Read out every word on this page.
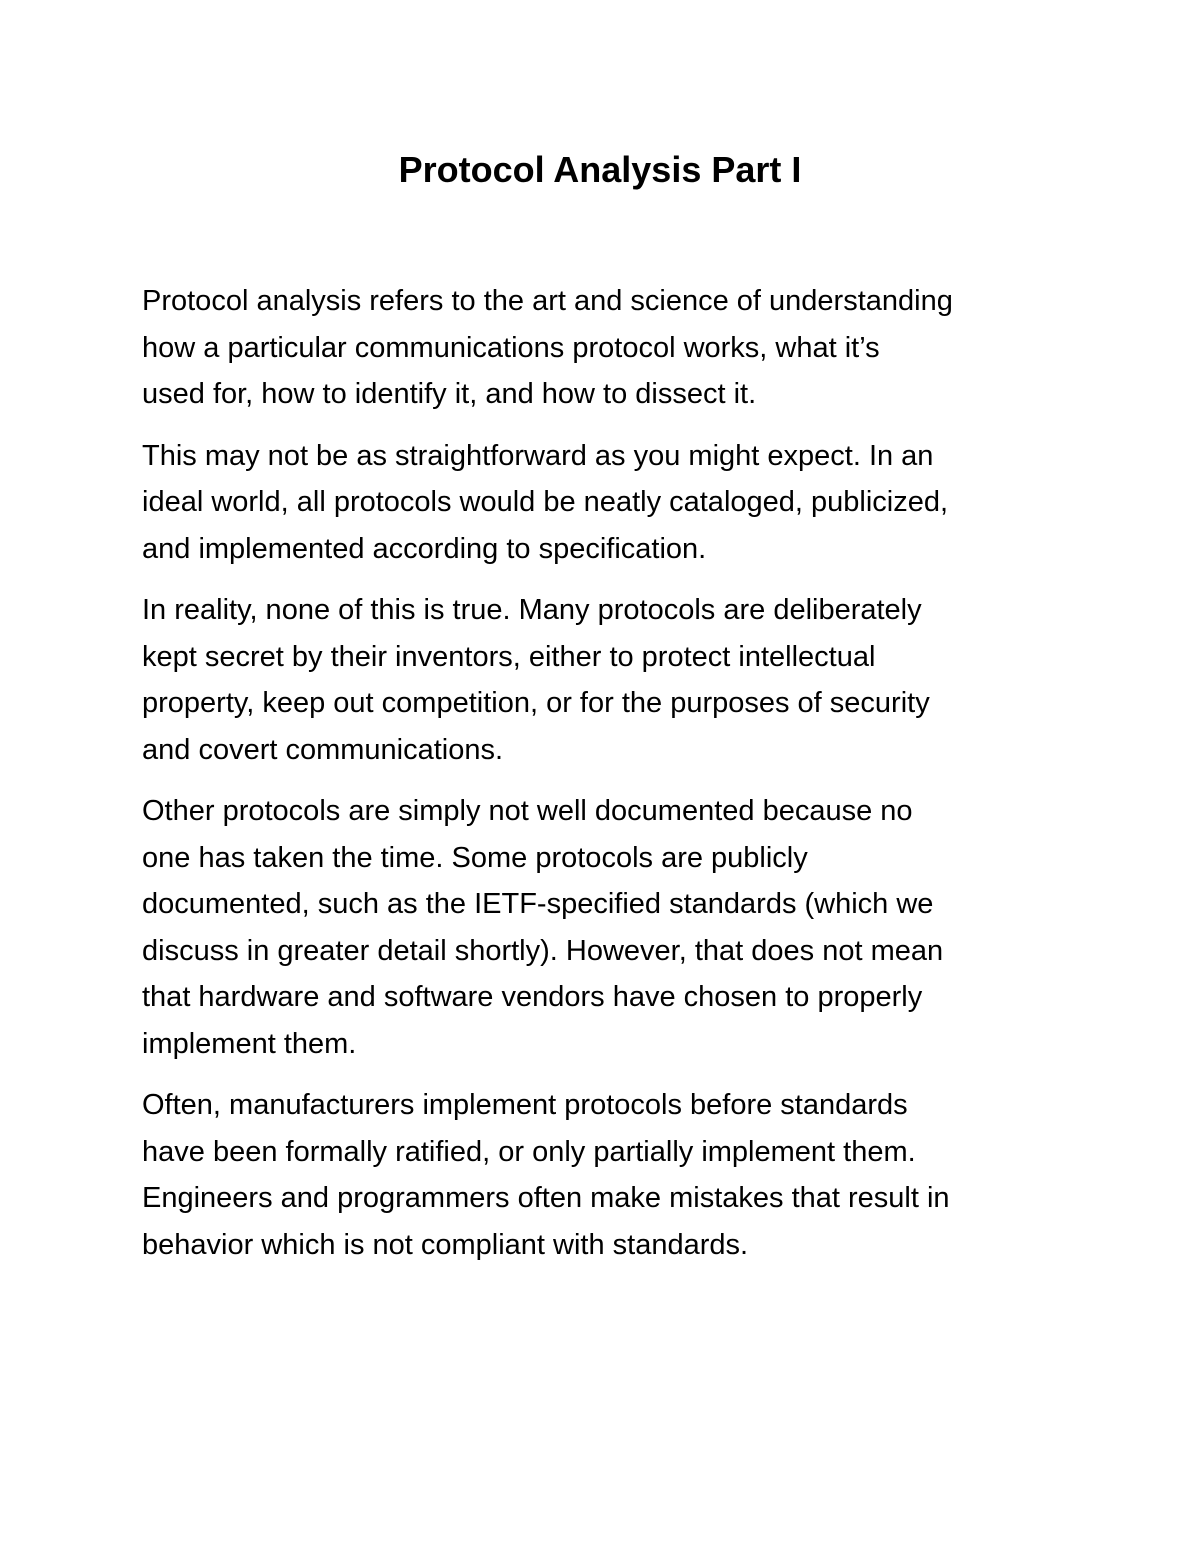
Protocol Analysis Part I

Protocol analysis refers to the art and science of understanding
how a particular communications protocol works, what it’s
used for, how to identify it, and how to dissect it.

This may not be as straightforward as you might expect. In an
ideal world, all protocols would be neatly cataloged, publicized,
and implemented according to specification.

In reality, none of this is true. Many protocols are deliberately
kept secret by their inventors, either to protect intellectual
property, keep out competition, or for the purposes of security
and covert communications.

Other protocols are simply not well documented because no
one has taken the time. Some protocols are publicly
documented, such as the IETF-specified standards (which we
discuss in greater detail shortly). However, that does not mean
that hardware and software vendors have chosen to properly
implement them.

Often, manufacturers implement protocols before standards
have been formally ratified, or only partially implement them.
Engineers and programmers often make mistakes that result in
behavior which is not compliant with standards.
